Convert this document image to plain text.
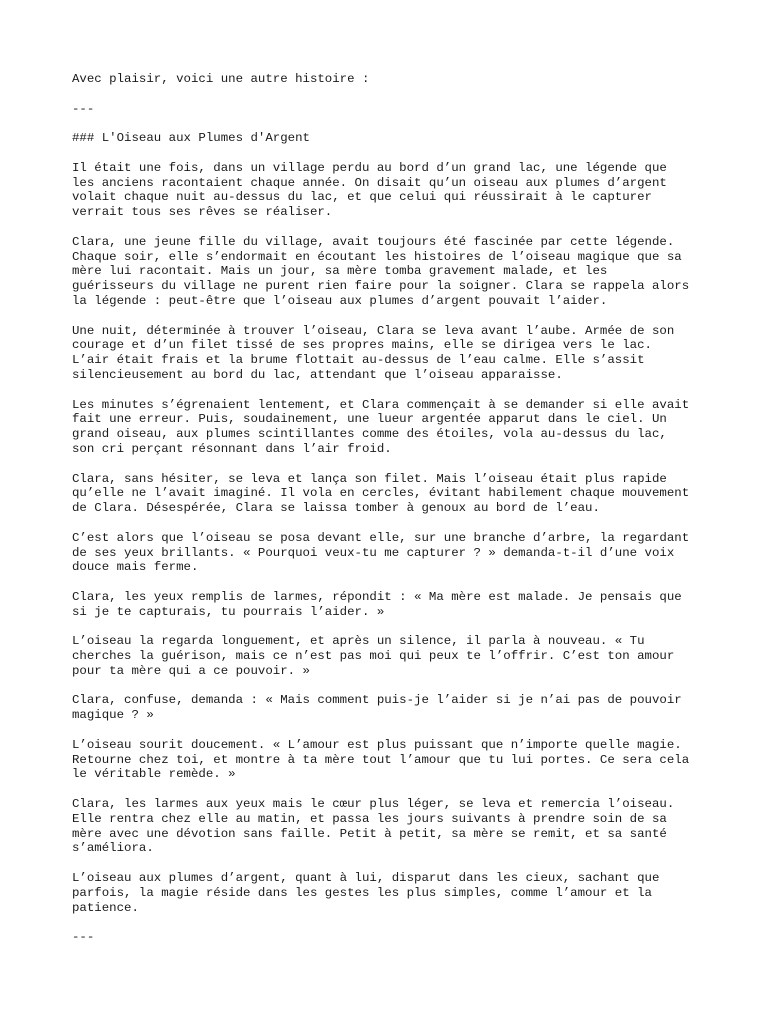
Avec plaisir, voici une autre histoire :
---
### L'Oiseau aux Plumes d'Argent
Il était une fois, dans un village perdu au bord d’un grand lac, une légende que
les anciens racontaient chaque année. On disait qu’un oiseau aux plumes d’argent
volait chaque nuit au-dessus du lac, et que celui qui réussirait à le capturer
verrait tous ses rêves se réaliser.
Clara, une jeune fille du village, avait toujours été fascinée par cette légende.
Chaque soir, elle s’endormait en écoutant les histoires de l’oiseau magique que sa
mère lui racontait. Mais un jour, sa mère tomba gravement malade, et les
guérisseurs du village ne purent rien faire pour la soigner. Clara se rappela alors
la légende : peut-être que l’oiseau aux plumes d’argent pouvait l’aider.
Une nuit, déterminée à trouver l’oiseau, Clara se leva avant l’aube. Armée de son
courage et d’un filet tissé de ses propres mains, elle se dirigea vers le lac.
L’air était frais et la brume flottait au-dessus de l’eau calme. Elle s’assit
silencieusement au bord du lac, attendant que l’oiseau apparaisse.
Les minutes s’égrenaient lentement, et Clara commençait à se demander si elle avait
fait une erreur. Puis, soudainement, une lueur argentée apparut dans le ciel. Un
grand oiseau, aux plumes scintillantes comme des étoiles, vola au-dessus du lac,
son cri perçant résonnant dans l’air froid.
Clara, sans hésiter, se leva et lança son filet. Mais l’oiseau était plus rapide
qu’elle ne l’avait imaginé. Il vola en cercles, évitant habilement chaque mouvement
de Clara. Désespérée, Clara se laissa tomber à genoux au bord de l’eau.
C’est alors que l’oiseau se posa devant elle, sur une branche d’arbre, la regardant
de ses yeux brillants. « Pourquoi veux-tu me capturer ? » demanda-t-il d’une voix
douce mais ferme.
Clara, les yeux remplis de larmes, répondit : « Ma mère est malade. Je pensais que
si je te capturais, tu pourrais l’aider. »
L’oiseau la regarda longuement, et après un silence, il parla à nouveau. « Tu
cherches la guérison, mais ce n’est pas moi qui peux te l’offrir. C’est ton amour
pour ta mère qui a ce pouvoir. »
Clara, confuse, demanda : « Mais comment puis-je l’aider si je n’ai pas de pouvoir
magique ? »
L’oiseau sourit doucement. « L’amour est plus puissant que n’importe quelle magie.
Retourne chez toi, et montre à ta mère tout l’amour que tu lui portes. Ce sera cela
le véritable remède. »
Clara, les larmes aux yeux mais le cœur plus léger, se leva et remercia l’oiseau.
Elle rentra chez elle au matin, et passa les jours suivants à prendre soin de sa
mère avec une dévotion sans faille. Petit à petit, sa mère se remit, et sa santé
s’améliora.
L’oiseau aux plumes d’argent, quant à lui, disparut dans les cieux, sachant que
parfois, la magie réside dans les gestes les plus simples, comme l’amour et la
patience.
---
